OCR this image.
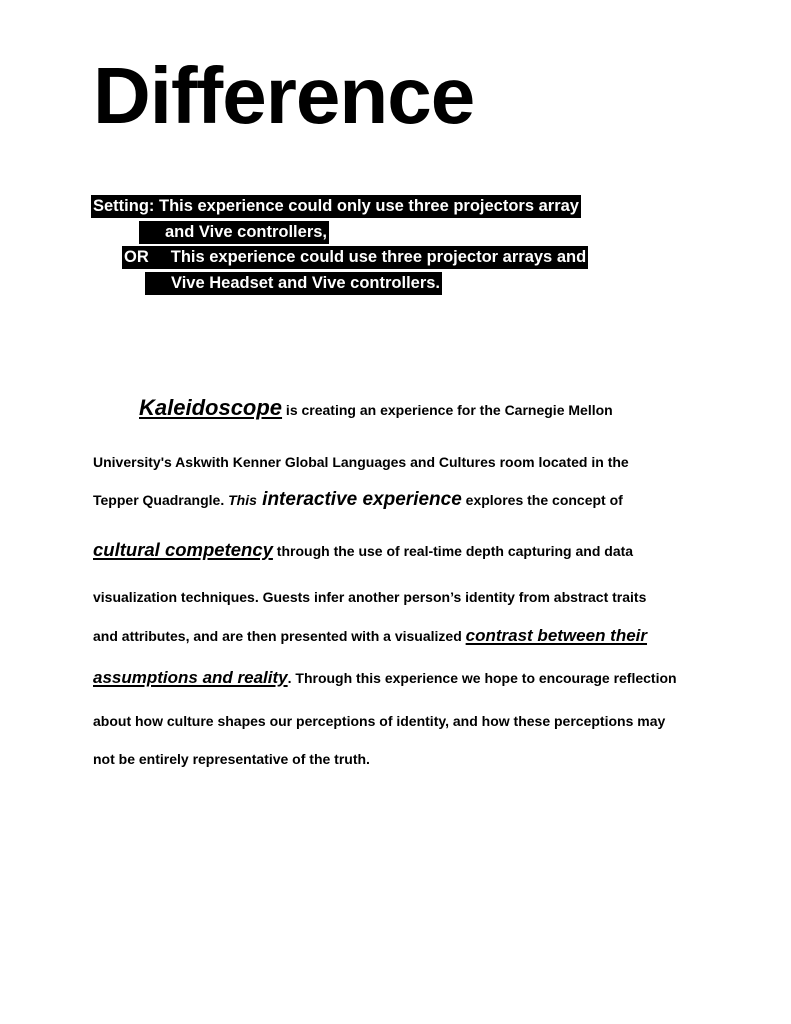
Difference
Setting: This experience could only use three projectors array
and Vive controllers,
OR This experience could use three projector arrays and
Vive Headset and Vive controllers.
Kaleidoscope is creating an experience for the Carnegie Mellon
University's Askwith Kenner Global Languages and Cultures room located in the
Tepper Quadrangle. This interactive experience explores the concept of
cultural competency through the use of real-time depth capturing and data
visualization techniques. Guests infer another person’s identity from abstract traits
and attributes, and are then presented with a visualized contrast between their
assumptions and reality. Through this experience we hope to encourage reflection
about how culture shapes our perceptions of identity, and how these perceptions may
not be entirely representative of the truth.
